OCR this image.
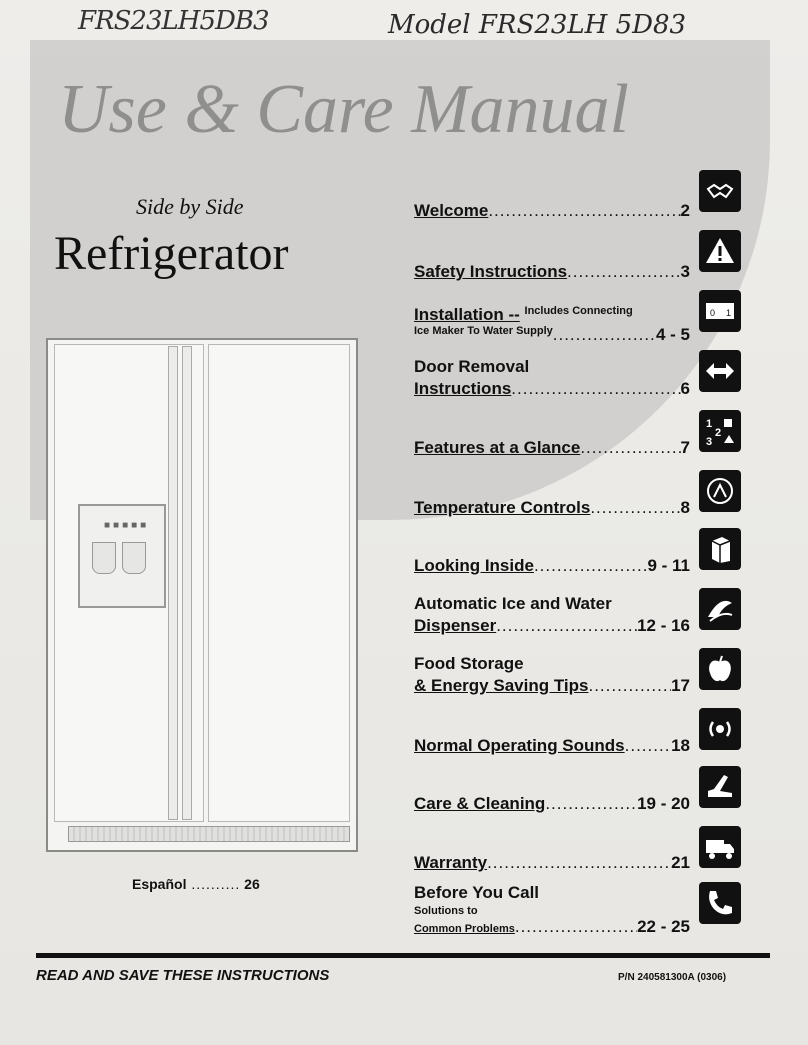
FRS23LH5DB3	Model FRS23LH 5D83
Use & Care Manual
Side by Side
Refrigerator
■■■■■
Español .......... 26
Welcome .....	2
Safety Instructions .....	3
Installation --
Includes Connecting
Ice Maker To Water Supply .....	4 - 5
0 1
Door Removal
Instructions .....	6
Features at a Glance .....	7
1
2
3
Temperature Controls .....	8
Looking Inside .....	9 - 11
Automatic Ice and Water
Dispenser .....	12 - 16
Food Storage
& Energy Saving Tips .....	17
Normal Operating Sounds .....	18
Care & Cleaning .....	19 - 20
Warranty .....	21
Before You Call
Solutions to
Common Problems .....	22 - 25
READ AND SAVE THESE INSTRUCTIONS	P/N 240581300A (0306)
